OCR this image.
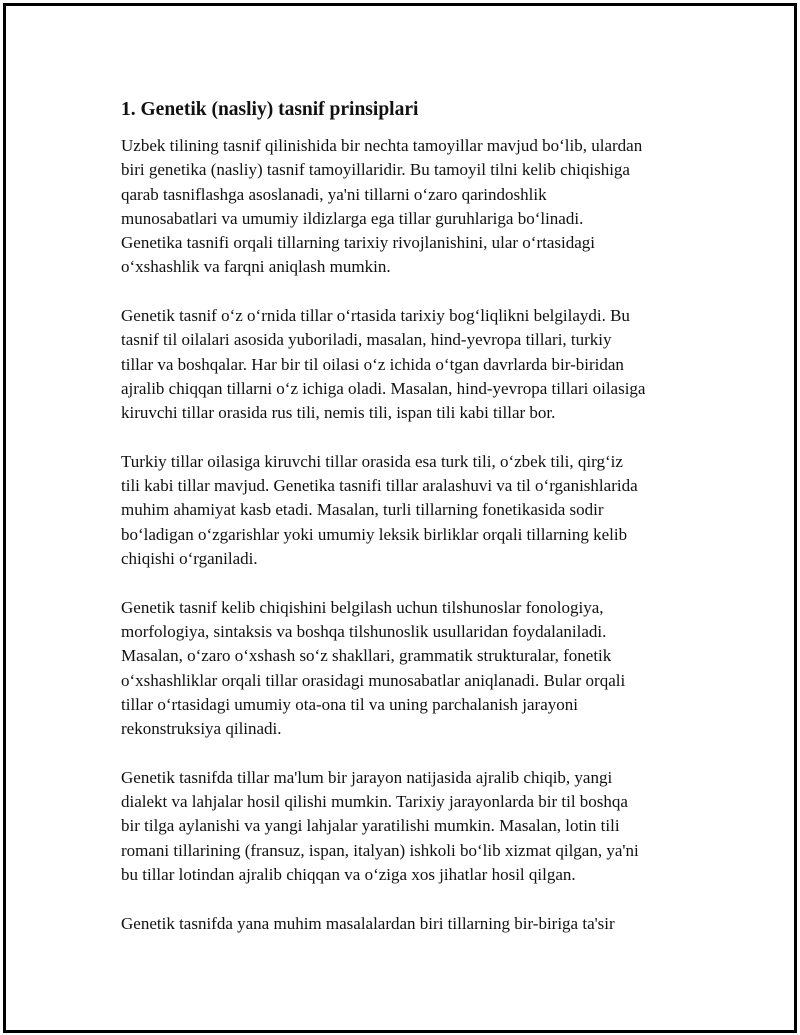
1. Genetik (nasliy) tasnif prinsiplari

Uzbek tilining tasnif qilinishida bir nechta tamoyillar mavjud bo‘lib, ulardan
biri genetika (nasliy) tasnif tamoyillaridir. Bu tamoyil tilni kelib chiqishiga
qarab tasniflashga asoslanadi, ya'ni tillarni o‘zaro qarindoshlik
munosabatlari va umumiy ildizlarga ega tillar guruhlariga bo‘linadi.
Genetika tasnifi orqali tillarning tarixiy rivojlanishini, ular o‘rtasidagi
o‘xshashlik va farqni aniqlash mumkin.

Genetik tasnif o‘z o‘rnida tillar o‘rtasida tarixiy bog‘liqlikni belgilaydi. Bu
tasnif til oilalari asosida yuboriladi, masalan, hind-yevropa tillari, turkiy
tillar va boshqalar. Har bir til oilasi o‘z ichida o‘tgan davrlarda bir-biridan
ajralib chiqqan tillarni o‘z ichiga oladi. Masalan, hind-yevropa tillari oilasiga
kiruvchi tillar orasida rus tili, nemis tili, ispan tili kabi tillar bor.

Turkiy tillar oilasiga kiruvchi tillar orasida esa turk tili, o‘zbek tili, qirg‘iz
tili kabi tillar mavjud. Genetika tasnifi tillar aralashuvi va til o‘rganishlarida
muhim ahamiyat kasb etadi. Masalan, turli tillarning fonetikasida sodir
bo‘ladigan o‘zgarishlar yoki umumiy leksik birliklar orqali tillarning kelib
chiqishi o‘rganiladi.

Genetik tasnif kelib chiqishini belgilash uchun tilshunoslar fonologiya,
morfologiya, sintaksis va boshqa tilshunoslik usullaridan foydalaniladi.
Masalan, o‘zaro o‘xshash so‘z shakllari, grammatik strukturalar, fonetik
o‘xshashliklar orqali tillar orasidagi munosabatlar aniqlanadi. Bular orqali
tillar o‘rtasidagi umumiy ota-ona til va uning parchalanish jarayoni
rekonstruksiya qilinadi.

Genetik tasnifda tillar ma'lum bir jarayon natijasida ajralib chiqib, yangi
dialekt va lahjalar hosil qilishi mumkin. Tarixiy jarayonlarda bir til boshqa
bir tilga aylanishi va yangi lahjalar yaratilishi mumkin. Masalan, lotin tili
romani tillarining (fransuz, ispan, italyan) ishkoli bo‘lib xizmat qilgan, ya'ni
bu tillar lotindan ajralib chiqqan va o‘ziga xos jihatlar hosil qilgan.

Genetik tasnifda yana muhim masalalardan biri tillarning bir-biriga ta'sir
